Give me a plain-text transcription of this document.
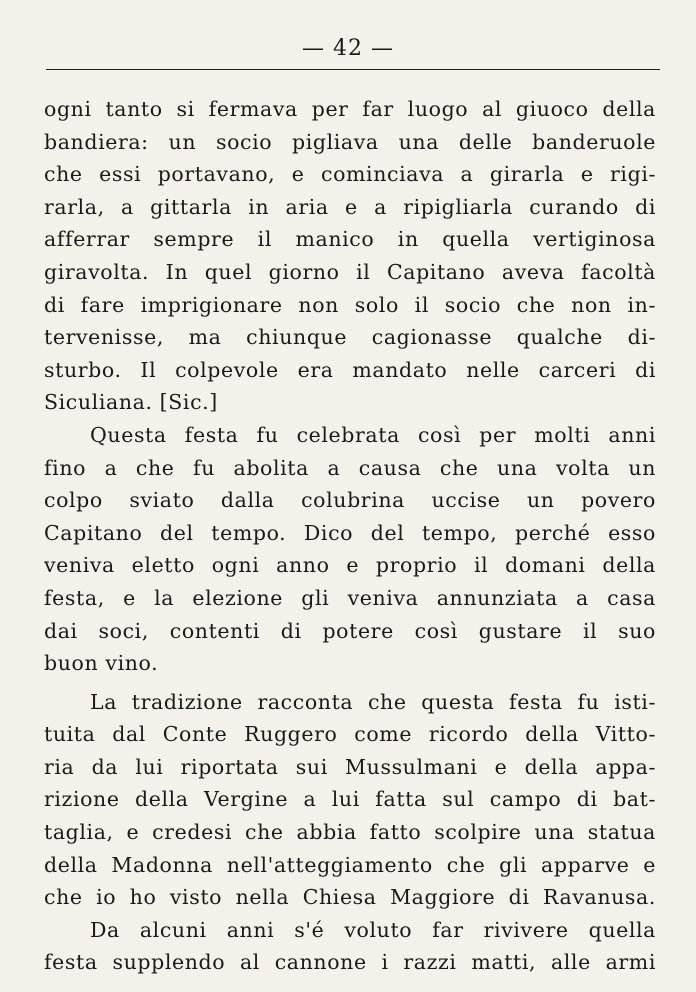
— 42 —
ogni tanto si fermava per far luogo al giuoco della
bandiera: un socio pigliava una delle banderuole
che essi portavano, e cominciava a girarla e rigi-
rarla, a gittarla in aria e a ripigliarla curando di
afferrar sempre il manico in quella vertiginosa
giravolta. In quel giorno il Capitano aveva facoltà
di fare imprigionare non solo il socio che non in-
tervenisse, ma chiunque cagionasse qualche di-
sturbo. Il colpevole era mandato nelle carceri di
Siculiana. [Sic.]
Questa festa fu celebrata così per molti anni
fino a che fu abolita a causa che una volta un
colpo sviato dalla colubrina uccise un povero
Capitano del tempo. Dico del tempo, perché esso
veniva eletto ogni anno e proprio il domani della
festa, e la elezione gli veniva annunziata a casa
dai soci, contenti di potere così gustare il suo
buon vino.
La tradizione racconta che questa festa fu isti-
tuita dal Conte Ruggero come ricordo della Vitto-
ria da lui riportata sui Mussulmani e della appa-
rizione della Vergine a lui fatta sul campo di bat-
taglia, e credesi che abbia fatto scolpire una statua
della Madonna nell'atteggiamento che gli apparve e
che io ho visto nella Chiesa Maggiore di Ravanusa.
Da alcuni anni s'é voluto far rivivere quella
festa supplendo al cannone i razzi matti, alle armi
